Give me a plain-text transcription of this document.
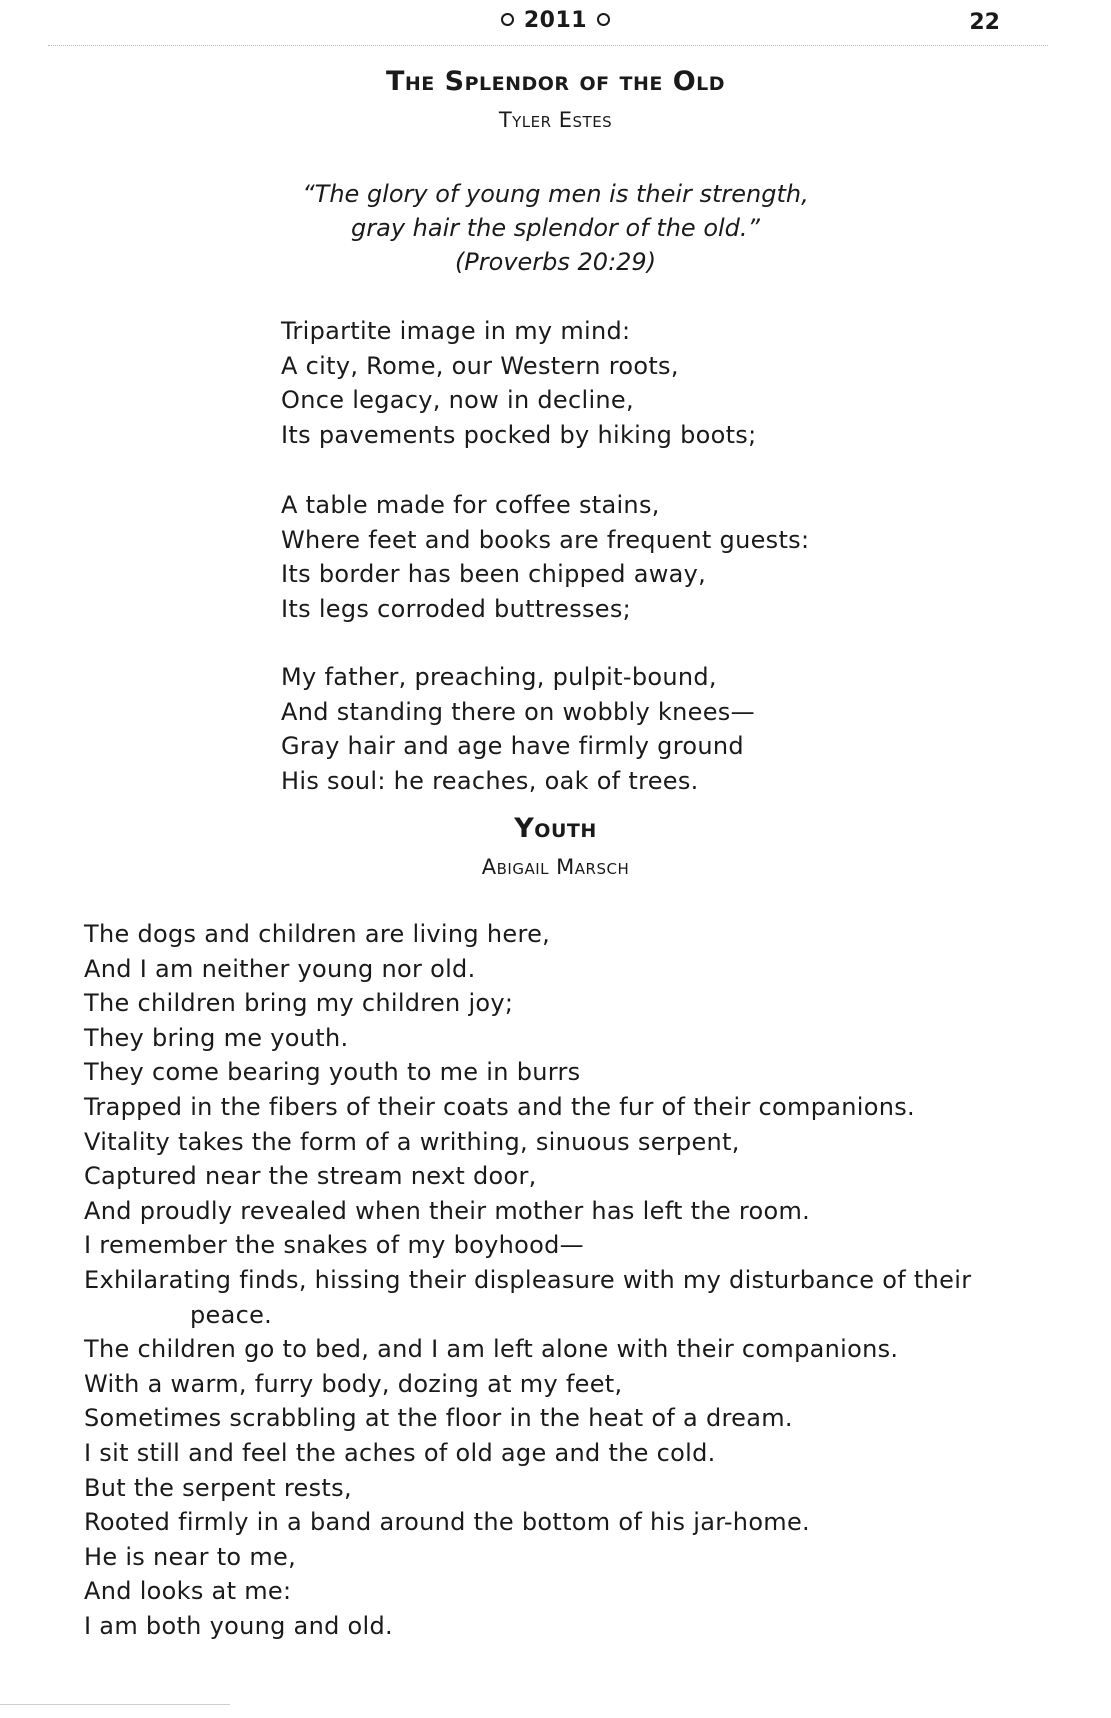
2011	22
The Splendor of the Old
Tyler Estes
“The glory of young men is their strength,
gray hair the splendor of the old.”
(Proverbs 20:29)
Tripartite image in my mind:
A city, Rome, our Western roots,
Once legacy, now in decline,
Its pavements pocked by hiking boots;
A table made for coffee stains,
Where feet and books are frequent guests:
Its border has been chipped away,
Its legs corroded buttresses;
My father, preaching, pulpit-bound,
And standing there on wobbly knees—
Gray hair and age have firmly ground
His soul: he reaches, oak of trees.
Youth
Abigail Marsch
The dogs and children are living here,
And I am neither young nor old.
The children bring my children joy;
They bring me youth.
They come bearing youth to me in burrs
Trapped in the fibers of their coats and the fur of their companions.
Vitality takes the form of a writhing, sinuous serpent,
Captured near the stream next door,
And proudly revealed when their mother has left the room.
I remember the snakes of my boyhood—
Exhilarating finds, hissing their displeasure with my disturbance of their
peace.
The children go to bed, and I am left alone with their companions.
With a warm, furry body, dozing at my feet,
Sometimes scrabbling at the floor in the heat of a dream.
I sit still and feel the aches of old age and the cold.
But the serpent rests,
Rooted firmly in a band around the bottom of his jar-home.
He is near to me,
And looks at me:
I am both young and old.
